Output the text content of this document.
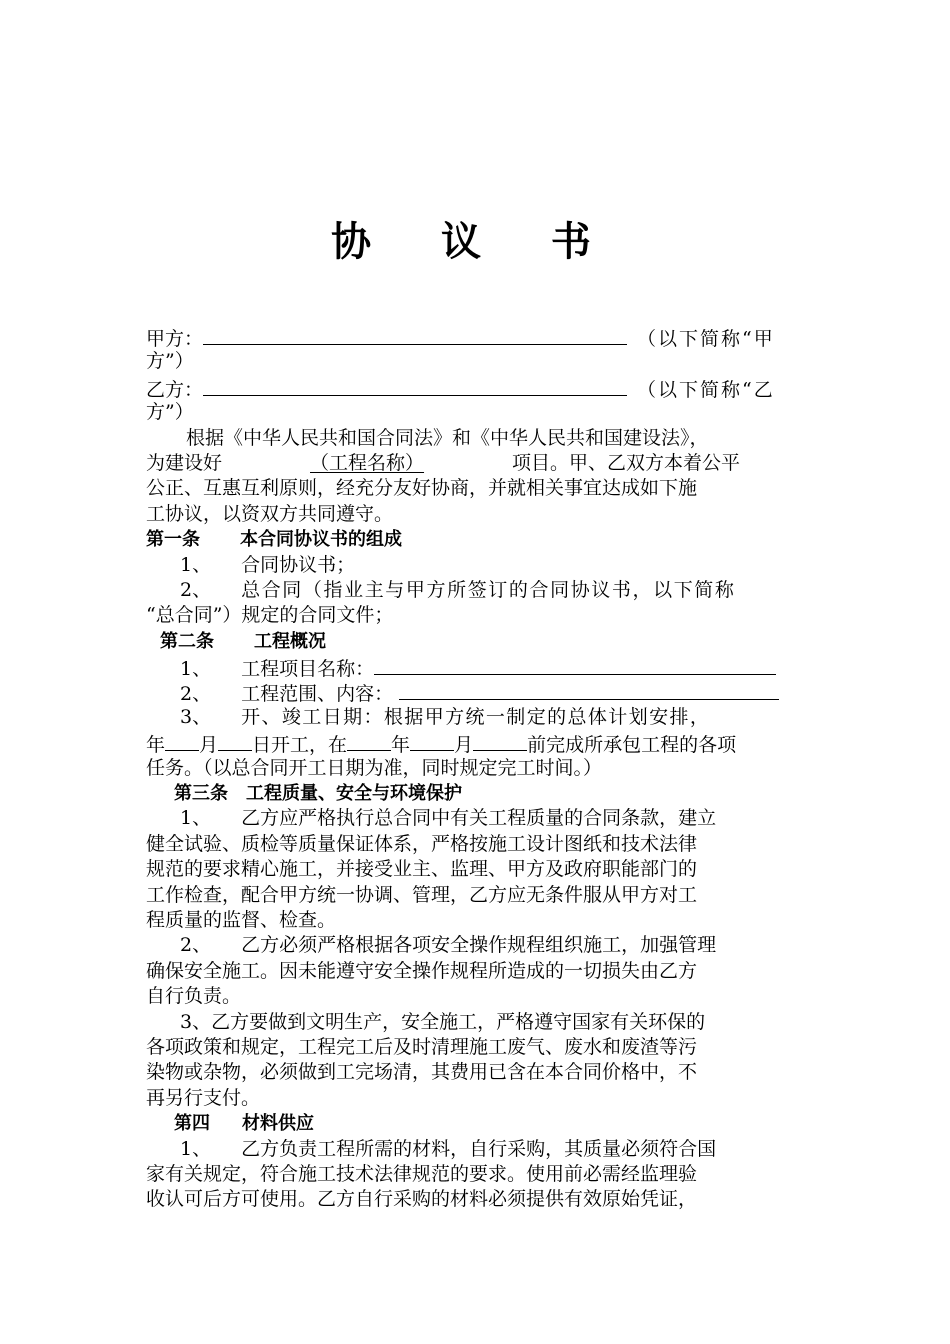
协 议 书
甲方：	（以下简称“甲
方”）
乙方：	（以下简称“乙
方”）
根据《中华人民共和国合同法》和《中华人民共和国建设法》，
为建设好	（工程名称）	项目。甲、乙双方本着公平
公正、互惠互利原则，经充分友好协商，并就相关事宜达成如下施
工协议，以资双方共同遵守。
第一条 本合同协议书的组成
1、 合同协议书；
2、 总合同（指业主与甲方所签订的合同协议书，以下简称
“总合同”）规定的合同文件；
第二条 工程概况
1、 工程项目名称：
2、 工程范围、内容：
3、 开、竣工日期：根据甲方统一制定的总体计划安排，
年 月 日开工，在 年 月	前完成所承包工程的各项
任务。（以总合同开工日期为准，同时规定完工时间。）
第三条 工程质量、安全与环境保护
1、 乙方应严格执行总合同中有关工程质量的合同条款，建立
健全试验、质检等质量保证体系，严格按施工设计图纸和技术法律
规范的要求精心施工，并接受业主、监理、甲方及政府职能部门的
工作检查，配合甲方统一协调、管理，乙方应无条件服从甲方对工
程质量的监督、检查。
2、 乙方必须严格根据各项安全操作规程组织施工，加强管理
确保安全施工。因未能遵守安全操作规程所造成的一切损失由乙方
自行负责。
3、乙方要做到文明生产，安全施工，严格遵守国家有关环保的
各项政策和规定，工程完工后及时清理施工废气、废水和废渣等污
染物或杂物，必须做到工完场清，其费用已含在本合同价格中，不
再另行支付。
第四 材料供应
1、 乙方负责工程所需的材料，自行采购，其质量必须符合国
家有关规定，符合施工技术法律规范的要求。使用前必需经监理验
收认可后方可使用。乙方自行采购的材料必须提供有效原始凭证，
